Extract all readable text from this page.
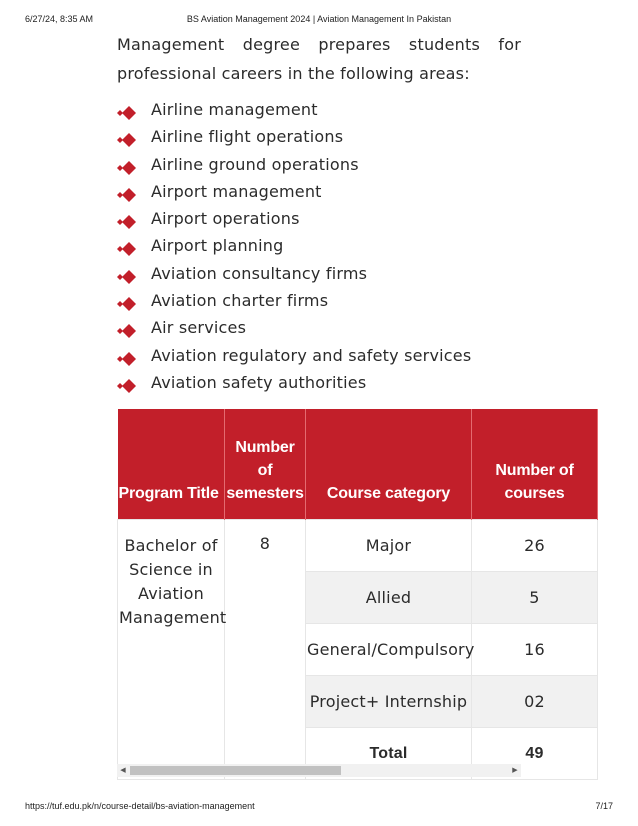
6/27/24, 8:35 AM	BS Aviation Management 2024 | Aviation Management In Pakistan

Management degree prepares students for professional careers in the following areas:

Airline management
Airline flight operations
Airline ground operations
Airport management
Airport operations
Airport planning
Aviation consultancy firms
Aviation charter firms
Air services
Aviation regulatory and safety services
Aviation safety authorities
Program Title	Number of semesters	Course category	Number of courses
Bachelor of Science in Aviation Management	8	Major	26
		Allied	5
		General/Compulsory	16
		Project+ Internship	02
		Total	49
◀	▶
https://tuf.edu.pk/n/course-detail/bs-aviation-management	7/17
